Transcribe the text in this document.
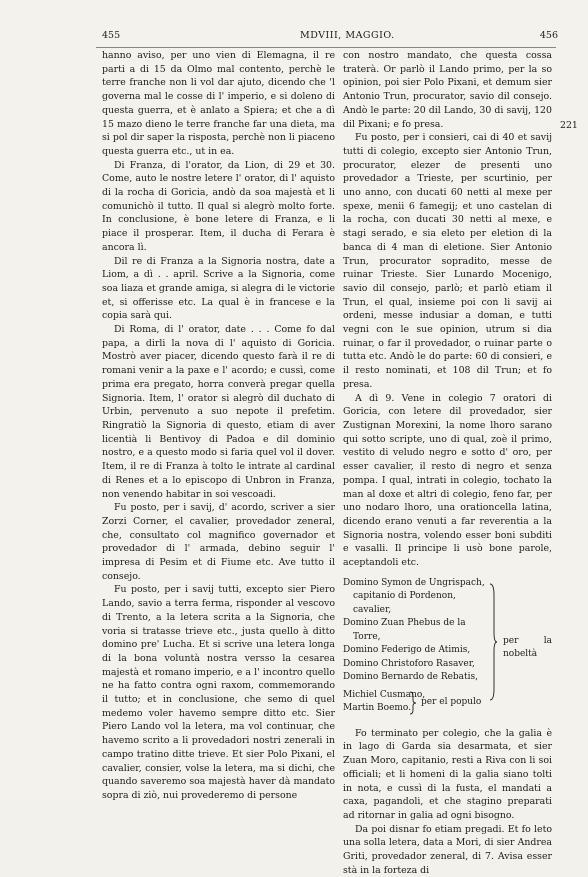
455	MDVIII, MAGGIO.	456
221

hanno aviso, per uno vien di Elemagna, il re parti a di 15 da Olmo mal contento, perchè le terre franche non li vol dar ajuto, dicendo che 'l governa mal le cosse di l' imperio, e si doleno di questa guerra, et è anlato a Spiera; et che a dì 15 mazo dieno le terre franche far una dieta, ma si pol dir saper la risposta, perchè non li piaceno questa guerra etc., ut in ea.

Di Franza, di l'orator, da Lion, di 29 et 30. Come, auto le nostre letere l' orator, di l' aquisto di la rocha di Goricia, andò da soa majestà et li comunichò il tutto. Il qual si alegrò molto forte. In conclusione, è bone letere di Franza, e li piace il prosperar. Item, il ducha di Ferara è ancora lì.

Dil re di Franza a la Signoria nostra, date a Liom, a dì . . april. Scrive a la Signoria, come soa liaza et grande amiga, si alegra di le victorie et, si offerisse etc. La qual è in francese e la copia sarà qui.

Di Roma, di l' orator, date . . . Come fo dal papa, a dirli la nova di l' aquisto di Goricia. Mostrò aver piacer, dicendo questo farà il re di romani venir a la paxe e l' acordo; e cussì, come prima era pregato, horra converà pregar quella Signoria. Item, l' orator si alegrò dil duchato di Urbin, pervenuto a suo nepote il prefetim. Ringratiò la Signoria di questo, etiam di aver licentià li Bentivoy di Padoa e dil dominio nostro, e a questo modo si faria quel vol il dover. Item, il re di Franza à tolto le intrate al cardinal di Renes et a lo episcopo di Unbron in Franza, non venendo habitar in soi vescoadi.

Fu posto, per i savij, d' acordo, scriver a sier Zorzi Corner, el cavalier, provedador zeneral, che, consultato col magnifico governador et provedador di l' armada, debino seguir l' impresa di Pesim et di Fiume etc. Ave tutto il consejo.

Fu posto, per i savij tutti, excepto sier Piero Lando, savio a terra ferma, risponder al vescovo di Trento, a la letera scrita a la Signoria, che voria si tratasse trieve etc., justa quello à ditto domino pre' Lucha. Et si scrive una letera longa di la bona voluntà nostra versso la cesarea majestà et romano imperio, e a l' incontro quello ne ha fatto contra ogni raxom, commemorando il tutto; et in conclusione, che semo di quel medemo voler havemo sempre ditto etc. Sier Piero Lando vol la letera, ma vol continuar, che havemo scrito a li provedadori nostri zenerali in campo tratino ditte trieve. Et sier Polo Pixani, el cavalier, consier, volse la letera, ma si dichi, che quando saveremo soa majestà haver dà mandato sopra di ziò, nui provederemo di persone

con nostro mandato, che questa cossa traterà. Or parlò il Lando primo, per la so opinion, poi sier Polo Pixani, et demum sier Antonio Trun, procurator, savio dil consejo. Andò le parte: 20 dil Lando, 30 di savij, 120 dil Pixani; e fo presa.

Fu posto, per i consieri, cai di 40 et savij tutti di colegio, excepto sier Antonio Trun, procurator, elezer de presenti uno provedador a Trieste, per scurtinio, per uno anno, con ducati 60 netti al mexe per spexe, menii 6 famegij; et uno castelan di la rocha, con ducati 30 netti al mexe, e stagi serado, e sia eleto per eletion di la banca di 4 man di eletione. Sier Antonio Trun, procurator sopradito, messe de ruinar Trieste. Sier Lunardo Mocenigo, savio dil consejo, parlò; et parlò etiam il Trun, el qual, insieme poi con li savij ai ordeni, messe indusiar a doman, e tutti vegni con le sue opinion, utrum si dia ruinar, o far il provedador, o ruinar parte o tutta etc. Andò le do parte: 60 di consieri, e il resto nominati, et 108 dil Trun; et fo presa.

A dì 9. Vene in colegio 7 oratori di Goricia, con letere dil provedador, sier Zustignan Morexini, la nome lhoro sarano qui sotto scripte, uno di qual, zoè il primo, vestito di veludo negro e sotto d' oro, per esser cavalier, il resto di negro et senza pompa. I qual, intrati in colegio, tochato la man al doxe et altri di colegio, feno far, per uno nodaro lhoro, una orationcella latina, dicendo erano venuti a far reverentia a la Signoria nostra, volendo esser boni subditi e vasalli. Il principe li usò bone parole, aceptandoli etc.

Domino Symon de Ungrispach, capitanio di Pordenon, cavalier,
Domino Zuan Phebus de la Torre,
Domino Federigo de Atimis,
Domino Christoforo Rasaver,
Domino Bernardo de Rebatis,
per la nobeltà
Michiel Cusmano,
Martin Boemo.
per el populo

Fo terminato per colegio, che la galia è in lago di Garda sia desarmata, et sier Zuan Moro, capitanio, resti a Riva con li soi officiali; et li homeni di la galia siano tolti in nota, e cussì di la fusta, el mandati a caxa, pagandoli, et che stagino preparati ad ritornar in galia ad ogni bisogno.

Da poi disnar fo etiam pregadi. Et fo leto una solla letera, data a Mori, di sier Andrea Griti, provedador zeneral, di 7. Avisa esser stà in la forteza di
